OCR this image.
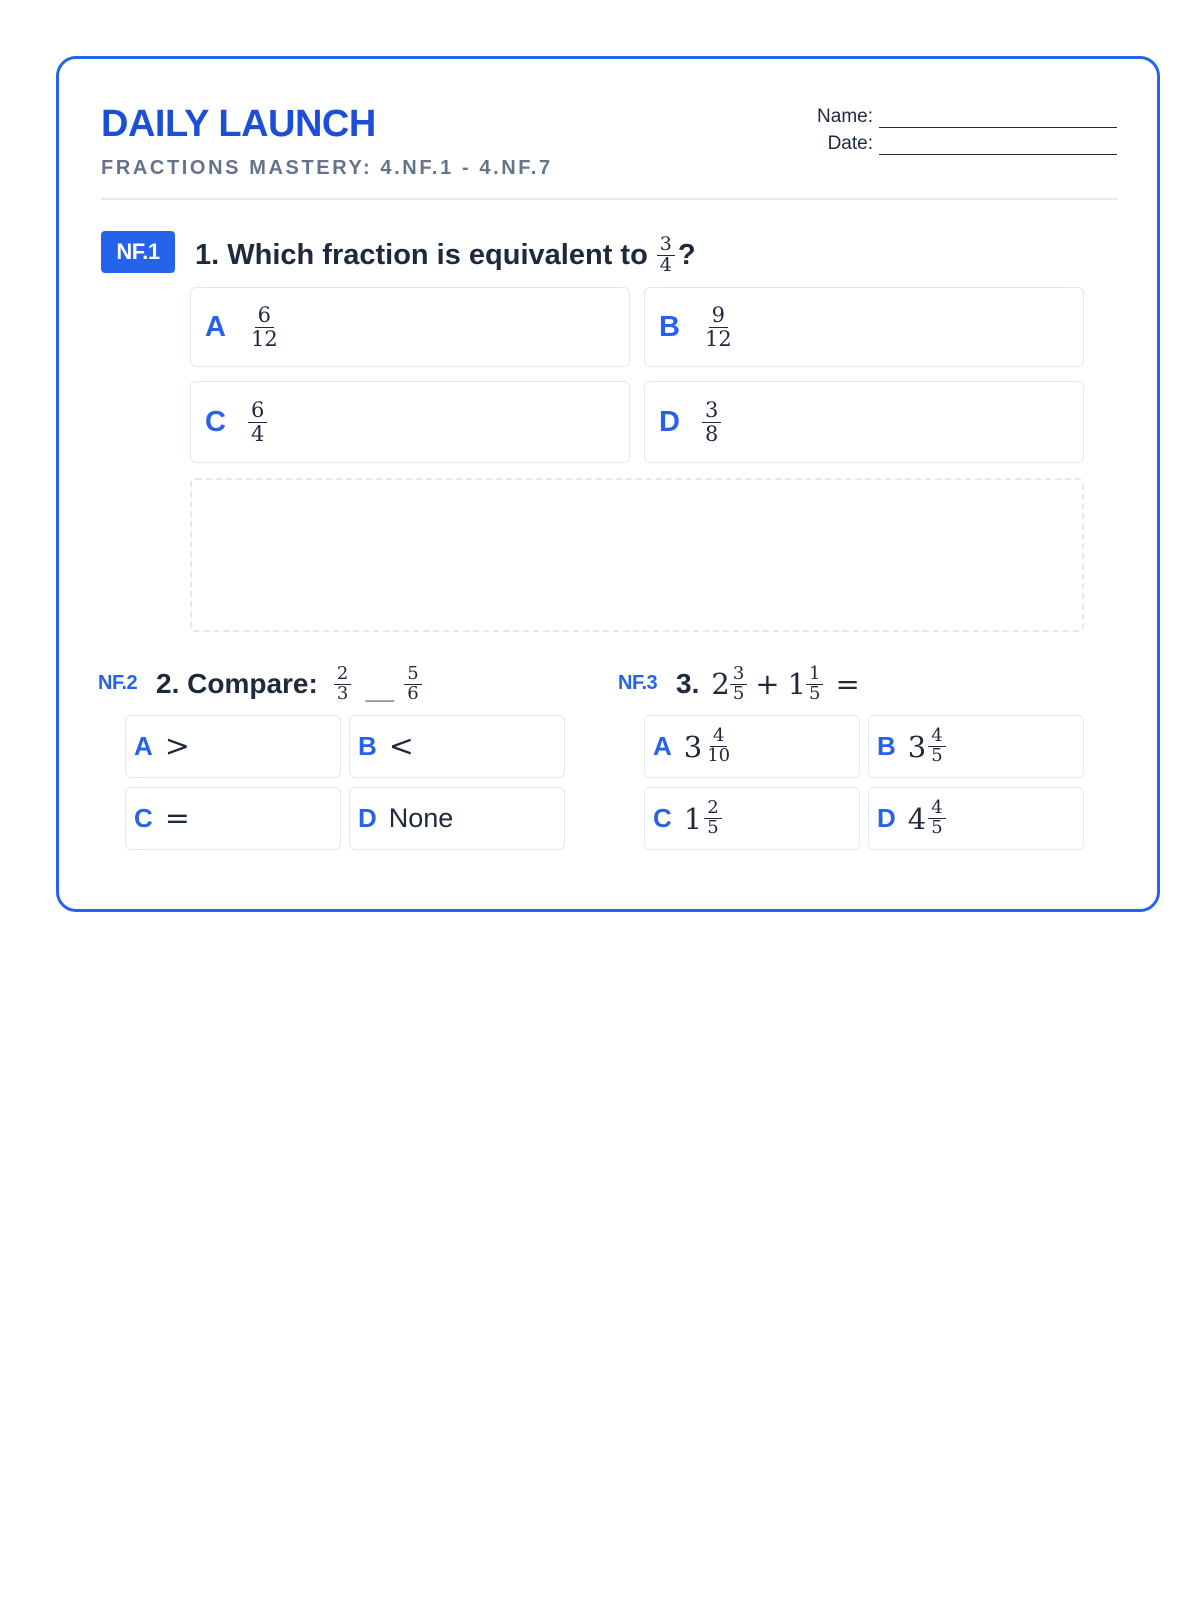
DAILY LAUNCH

FRACTIONS MASTERY: 4.NF.1 - 4.NF.7

Name:
Date:
NF.1	1. Which fraction is equivalent to $\frac{3}{4}$ ?
A $\frac{6}{12}$	B $\frac{9}{12}$
C $\frac{6}{4}$	D $\frac{3}{8}$
NF.2 2. Compare: $\frac{2}{3}$ ___ $\frac{5}{6}$
A >	B <
C =	D None
NF.3 3. $2 \frac{3}{5} + 1 \frac{1}{5}$ =
A $3 \frac{4}{10}$	B $3 \frac{4}{5}$
C $1 \frac{2}{5}$	D $4 \frac{4}{5}$
